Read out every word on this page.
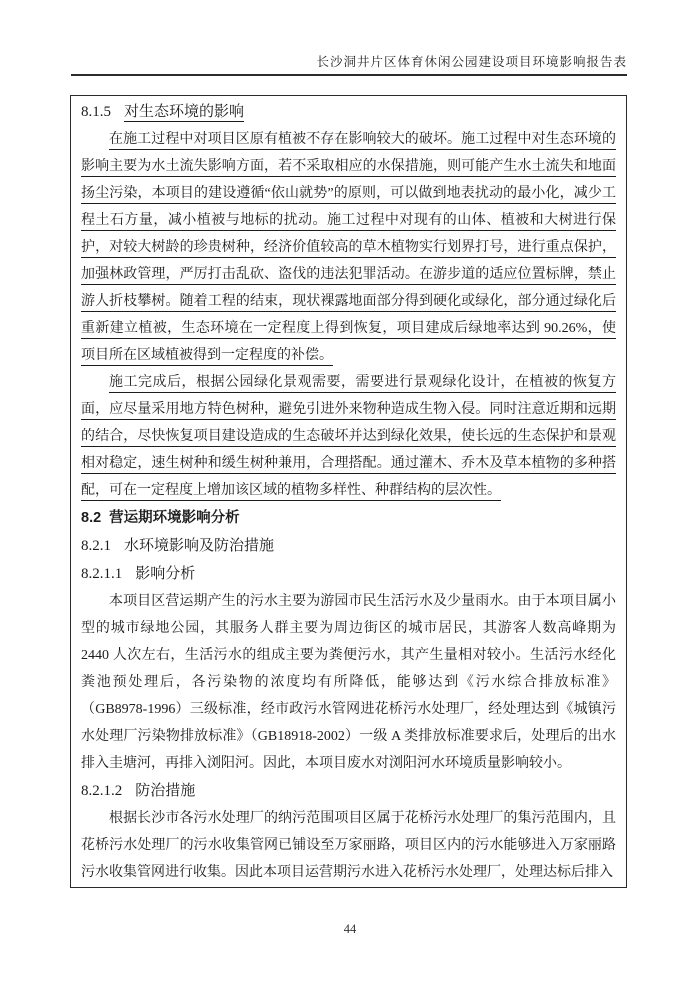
长沙洞井片区体育休闲公园建设项目环境影响报告表
8.1.5 对生态环境的影响

在施工过程中对项目区原有植被不存在影响较大的破坏。施工过程中对生态环境的影响主要为水土流失影响方面，若不采取相应的水保措施，则可能产生水土流失和地面扬尘污染，本项目的建设遵循“依山就势”的原则，可以做到地表扰动的最小化，减少工程土石方量，减小植被与地标的扰动。施工过程中对现有的山体、植被和大树进行保护，对较大树龄的珍贵树种，经济价值较高的草木植物实行划界打号，进行重点保护，加强林政管理，严厉打击乱砍、盗伐的违法犯罪活动。在游步道的适应位置标牌，禁止游人折枝攀树。随着工程的结束，现状裸露地面部分得到硬化或绿化，部分通过绿化后重新建立植被，生态环境在一定程度上得到恢复，项目建成后绿地率达到 90.26%，使项目所在区域植被得到一定程度的补偿。

施工完成后，根据公园绿化景观需要，需要进行景观绿化设计，在植被的恢复方面，应尽量采用地方特色树种，避免引进外来物种造成生物入侵。同时注意近期和远期的结合，尽快恢复项目建设造成的生态破坏并达到绿化效果，使长远的生态保护和景观相对稳定，速生树种和缓生树种兼用，合理搭配。通过灌木、乔木及草本植物的多种搭配，可在一定程度上增加该区域的植物多样性、种群结构的层次性。

8.2 营运期环境影响分析
8.2.1 水环境影响及防治措施
8.2.1.1 影响分析

本项目区营运期产生的污水主要为游园市民生活污水及少量雨水。由于本项目属小型的城市绿地公园，其服务人群主要为周边街区的城市居民，其游客人数高峰期为 2440 人次左右，生活污水的组成主要为粪便污水，其产生量相对较小。生活污水经化粪池预处理后，各污染物的浓度均有所降低，能够达到《污水综合排放标准》（GB8978-1996）三级标准，经市政污水管网进花桥污水处理厂，经处理达到《城镇污水处理厂污染物排放标准》（GB18918-2002）一级 A 类排放标准要求后，处理后的出水排入圭塘河，再排入浏阳河。因此，本项目废水对浏阳河水环境质量影响较小。

8.2.1.2 防治措施

根据长沙市各污水处理厂的纳污范围项目区属于花桥污水处理厂的集污范围内，且花桥污水处理厂的污水收集管网已铺设至万家丽路，项目区内的污水能够进入万家丽路污水收集管网进行收集。因此本项目运营期污水进入花桥污水处理厂，处理达标后排入

44
